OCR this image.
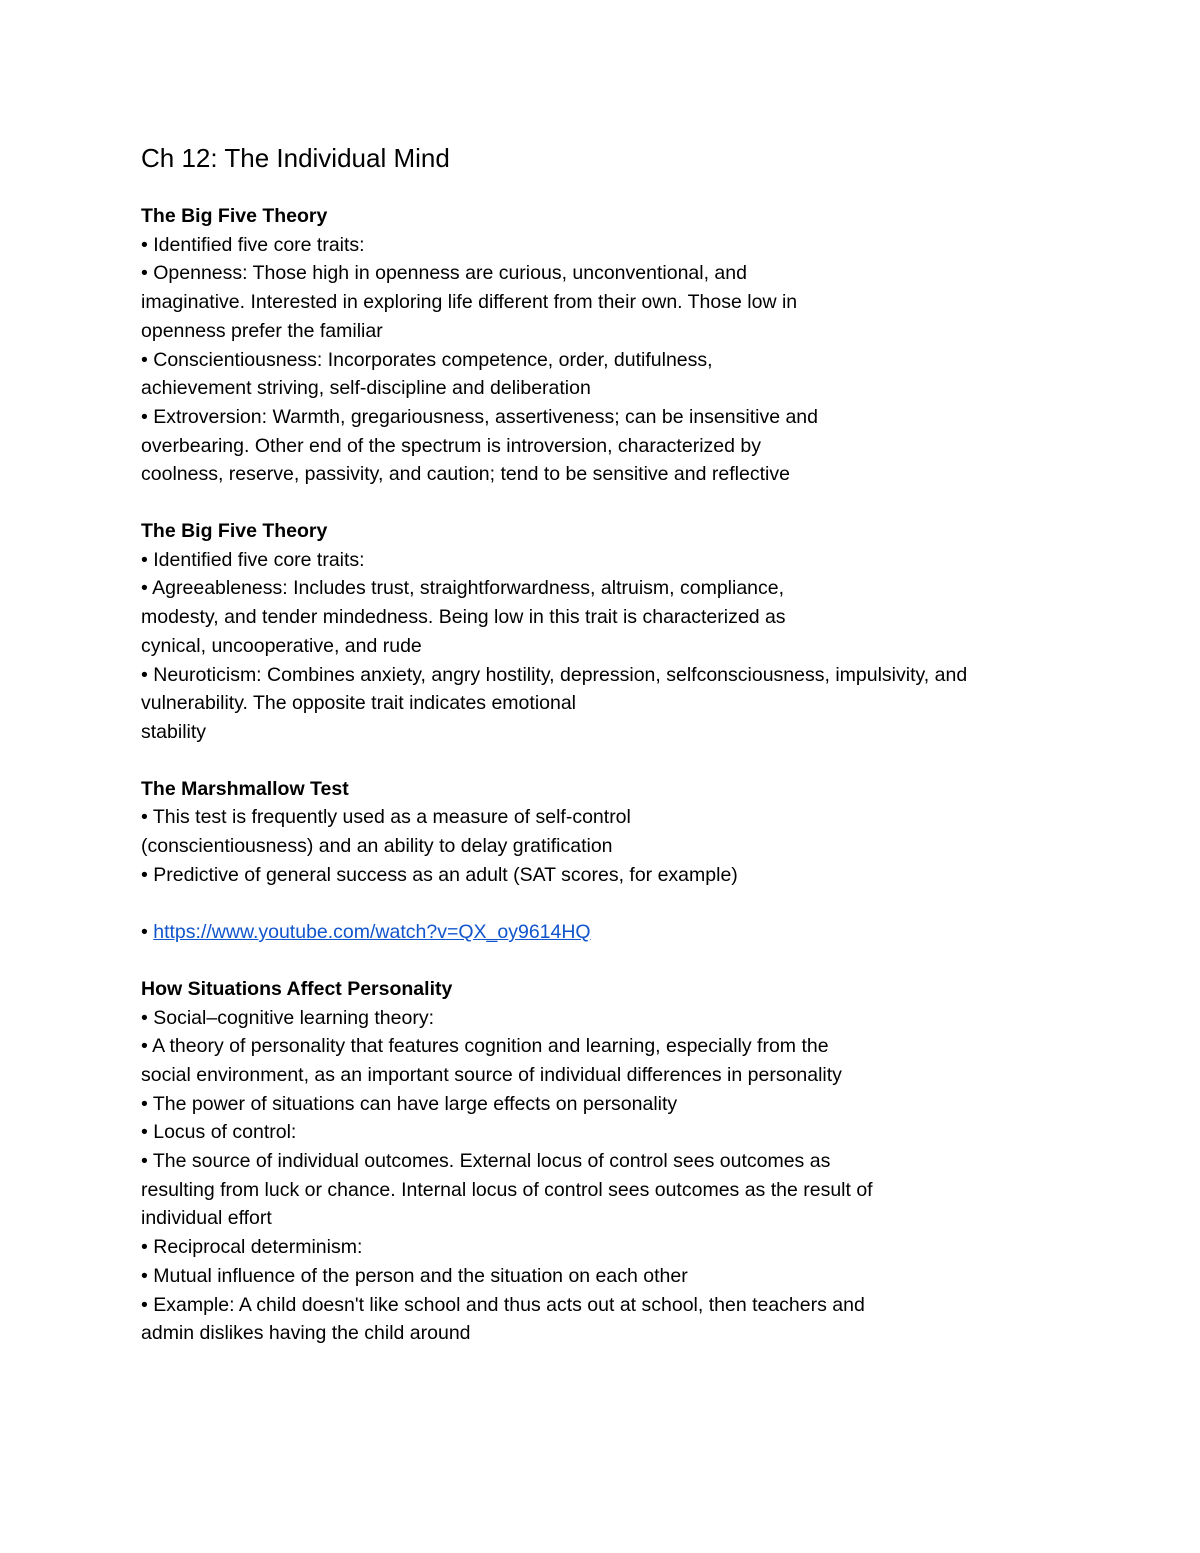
Ch 12: The Individual Mind
The Big Five Theory
• Identified five core traits:
• Openness: Those high in openness are curious, unconventional, and
imaginative. Interested in exploring life different from their own. Those low in
openness prefer the familiar
• Conscientiousness: Incorporates competence, order, dutifulness,
achievement striving, self-discipline and deliberation
• Extroversion: Warmth, gregariousness, assertiveness; can be insensitive and
overbearing. Other end of the spectrum is introversion, characterized by
coolness, reserve, passivity, and caution; tend to be sensitive and reflective
The Big Five Theory
• Identified five core traits:
• Agreeableness: Includes trust, straightforwardness, altruism, compliance,
modesty, and tender mindedness. Being low in this trait is characterized as
cynical, uncooperative, and rude
• Neuroticism: Combines anxiety, angry hostility, depression, selfconsciousness, impulsivity, and
vulnerability. The opposite trait indicates emotional
stability
The Marshmallow Test
• This test is frequently used as a measure of self-control
(conscientiousness) and an ability to delay gratification
• Predictive of general success as an adult (SAT scores, for example)
• https://www.youtube.com/watch?v=QX_oy9614HQ
How Situations Affect Personality
• Social–cognitive learning theory:
• A theory of personality that features cognition and learning, especially from the
social environment, as an important source of individual differences in personality
• The power of situations can have large effects on personality
• Locus of control:
• The source of individual outcomes. External locus of control sees outcomes as
resulting from luck or chance. Internal locus of control sees outcomes as the result of
individual effort
• Reciprocal determinism:
• Mutual influence of the person and the situation on each other
• Example: A child doesn't like school and thus acts out at school, then teachers and
admin dislikes having the child around
